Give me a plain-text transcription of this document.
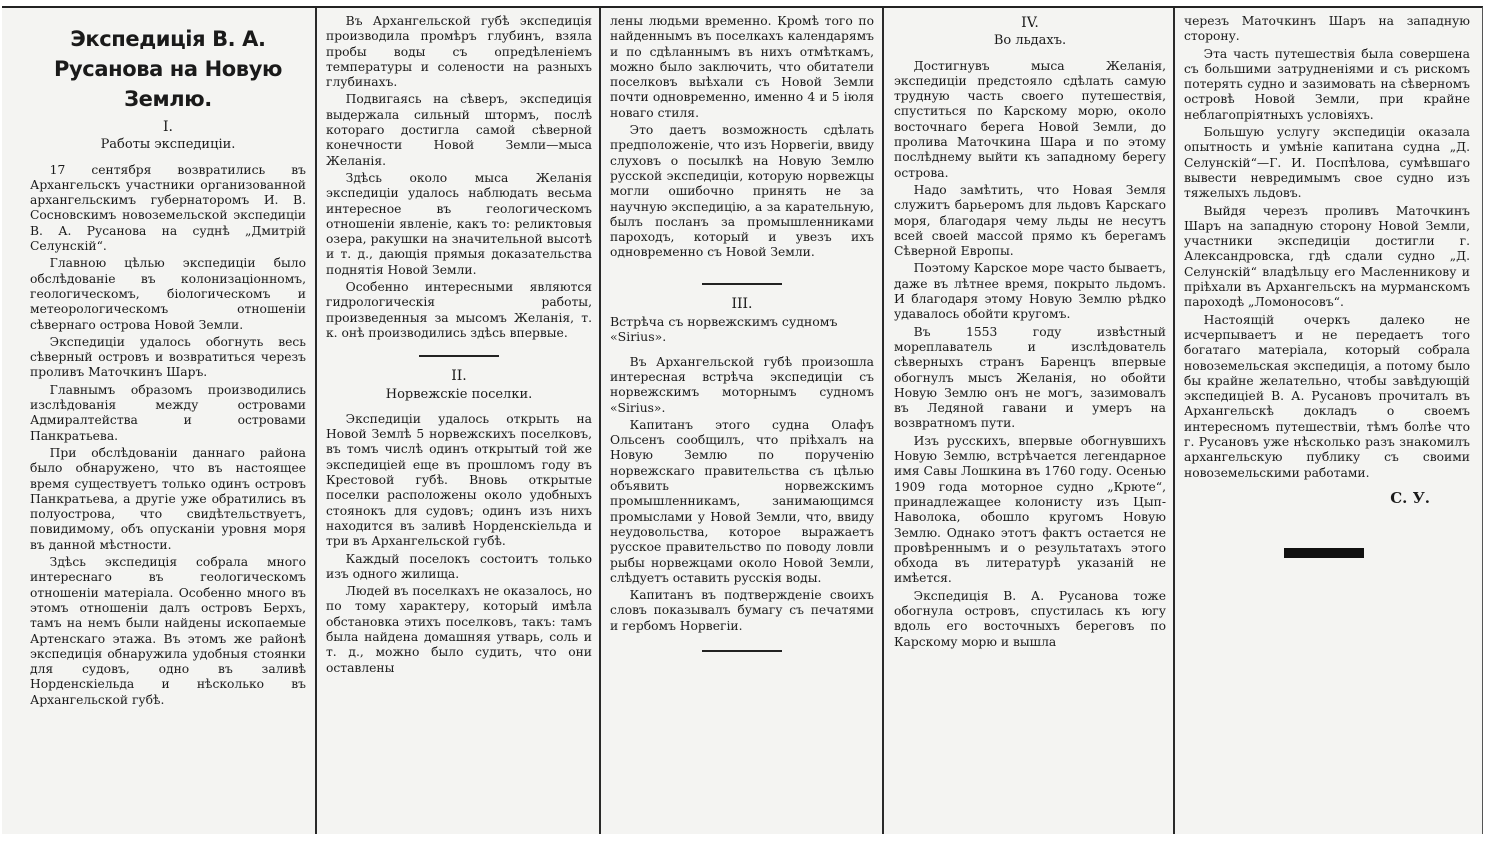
Экспедиція В. А. Русанова на Новую Землю.

I.

Работы экспедиціи.

17 сентября возвратились въ Архангельскъ участники организованной архангельскимъ губернаторомъ И. В. Сосновскимъ новоземельской экспедиціи В. А. Русанова на суднѣ „Дмитрій Селунскій“.

Главною цѣлью экспедиціи было обслѣдованіе въ колонизаціонномъ, геологическомъ, біологическомъ и метеорологическомъ отношеніи сѣвернаго острова Новой Земли.

Экспедиціи удалось обогнуть весь сѣверный островъ и возвратиться черезъ проливъ Маточкинъ Шаръ.

Главнымъ образомъ производились изслѣдованія между островами Адмиралтейства и островами Панкратьева.

При обслѣдованіи даннаго района было обнаружено, что въ настоящее время существуетъ только одинъ островъ Панкратьева, а другіе уже обратились въ полуострова, что свидѣтельствуетъ, повидимому, объ опусканіи уровня моря въ данной мѣстности.

Здѣсь экспедиція собрала много интереснаго въ геологическомъ отношеніи матеріала. Особенно много въ этомъ отношеніи далъ островъ Берхъ, тамъ на немъ были найдены ископаемые Артенскаго этажа. Въ этомъ же районѣ экспедиція обнаружила удобныя стоянки для судовъ, одно въ заливѣ Норденскіельда и нѣсколько въ Архангельской губѣ.

Въ Архангельской губѣ экспедиція производила промѣръ глубинъ, взяла пробы воды съ опредѣленіемъ температуры и солености на разныхъ глубинахъ.

Подвигаясь на сѣверъ, экспедиція выдержала сильный штормъ, послѣ котораго достигла самой сѣверной конечности Новой Земли—мыса Желанія.

Здѣсь около мыса Желанія экспедиціи удалось наблюдать весьма интересное въ геологическомъ отношеніи явленіе, какъ то: реликтовыя озера, ракушки на значительной высотѣ и т. д., дающія прямыя доказательства поднятія Новой Земли.

Особенно интересными являются гидрологическія работы, произведенныя за мысомъ Желанія, т. к. онѣ производились здѣсь впервые.

II.

Норвежскіе поселки.

Экспедиціи удалось открыть на Новой Землѣ 5 норвежскихъ поселковъ, въ томъ числѣ одинъ открытый той же экспедиціей еще въ прошломъ году въ Крестовой губѣ. Вновь открытые поселки расположены около удобныхъ стоянокъ для судовъ; одинъ изъ нихъ находится въ заливѣ Норденскіельда и три въ Архангельской губѣ.

Каждый поселокъ состоитъ только изъ одного жилища.

Людей въ поселкахъ не оказалось, но по тому характеру, который имѣла обстановка этихъ поселковъ, такъ: тамъ была найдена домашняя утварь, соль и т. д., можно было судить, что они оставлены

лены людьми временно. Кромѣ того по найденнымъ въ поселкахъ календарямъ и по сдѣланнымъ въ нихъ отмѣткамъ, можно было заключить, что обитатели поселковъ выѣхали съ Новой Земли почти одновременно, именно 4 и 5 іюля новаго стиля.

Это даетъ возможность сдѣлать предположеніе, что изъ Норвегіи, ввиду слуховъ о посылкѣ на Новую Землю русской экспедиціи, которую норвежцы могли ошибочно принять не за научную экспедицію, а за карательную, былъ посланъ за промышленниками пароходъ, который и увезъ ихъ одновременно съ Новой Земли.

III.

Встрѣча съ норвежскимъ судномъ «Sirius».

Въ Архангельской губѣ произошла интересная встрѣча экспедиціи съ норвежскимъ моторнымъ судномъ «Sirius».

Капитанъ этого судна Олафъ Ольсенъ сообщилъ, что пріѣхалъ на Новую Землю по порученію норвежскаго правительства съ цѣлью объявить норвежскимъ промышленникамъ, занимающимся промыслами у Новой Земли, что, ввиду неудовольства, которое выражаетъ русское правительство по поводу ловли рыбы норвежцами около Новой Земли, слѣдуетъ оставить русскія воды.

Капитанъ въ подтвержденіе своихъ словъ показывалъ бумагу съ печатями и гербомъ Норвегіи.

IV.

Во льдахъ.

Достигнувъ мыса Желанія, экспедиціи предстояло сдѣлать самую трудную часть своего путешествія, спуститься по Карскому морю, около восточнаго берега Новой Земли, до пролива Маточкина Шара и по этому послѣднему выйти къ западному берегу острова.

Надо замѣтить, что Новая Земля служитъ барьеромъ для льдовъ Карскаго моря, благодаря чему льды не несутъ всей своей массой прямо къ берегамъ Сѣверной Европы.

Поэтому Карское море часто бываетъ, даже въ лѣтнее время, покрыто льдомъ. И благодаря этому Новую Землю рѣдко удавалось обойти кругомъ.

Въ 1553 году извѣстный мореплаватель и изслѣдователь сѣверныхъ странъ Баренцъ впервые обогнулъ мысъ Желанія, но обойти Новую Землю онъ не могъ, зазимовалъ въ Ледяной гавани и умеръ на возвратномъ пути.

Изъ русскихъ, впервые обогнувшихъ Новую Землю, встрѣчается легендарное имя Савы Лошкина въ 1760 году. Осенью 1909 года моторное судно „Крюте“, принадлежащее колонисту изъ Цып-Наволока, обошло кругомъ Новую Землю. Однако этотъ фактъ остается не провѣреннымъ и о результатахъ этого обхода въ литературѣ указаній не имѣется.

Экспедиція В. А. Русанова тоже обогнула островъ, спустилась къ югу вдоль его восточныхъ береговъ по Карскому морю и вышла

черезъ Маточкинъ Шаръ на западную сторону.

Эта часть путешествія была совершена съ большими затрудненіями и съ рискомъ потерять судно и зазимовать на сѣверномъ островѣ Новой Земли, при крайне неблагопріятныхъ условіяхъ.

Большую услугу экспедиціи оказала опытность и умѣніе капитана судна „Д. Селунскій“—Г. И. Поспѣлова, сумѣвшаго вывести невредимымъ свое судно изъ тяжелыхъ льдовъ.

Выйдя черезъ проливъ Маточкинъ Шаръ на западную сторону Новой Земли, участники экспедиціи достигли г. Александровска, гдѣ сдали судно „Д. Селунскій“ владѣльцу его Масленникову и пріѣхали въ Архангельскъ на мурманскомъ пароходѣ „Ломоносовъ“.

Настоящій очеркъ далеко не исчерпываетъ и не передаетъ того богатаго матеріала, который собрала новоземельская экспедиція, а потому было бы крайне желательно, чтобы завѣдующій экспедиціей В. А. Русановъ прочиталъ въ Архангельскѣ докладъ о своемъ интересномъ путешествіи, тѣмъ болѣе что г. Русановъ уже нѣсколько разъ знакомилъ архангельскую публику съ своими новоземельскими работами.

С. У.
